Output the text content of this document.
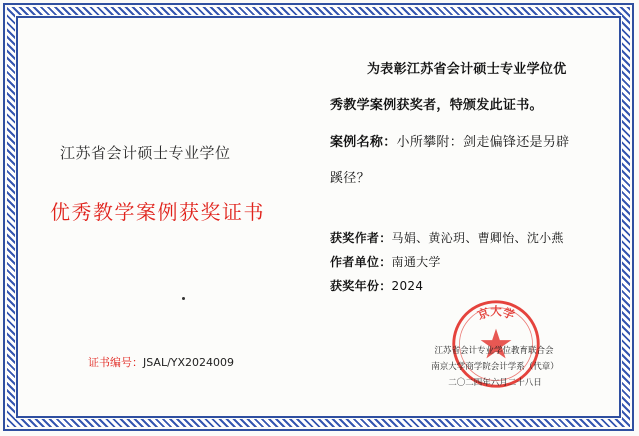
江苏省会计硕士专业学位
优秀教学案例获奖证书
证书编号：JSAL/YX2024009
为表彰江苏省会计硕士专业学位优
秀教学案例获奖者，特颁发此证书。
案例名称：小所攀附：剑走偏锋还是另辟
蹊径？
获奖作者：马娟、黄沁玥、曹卿怡、沈小燕
作者单位：南通大学
获奖年份：2024
京大学
江苏省会计专业学位教育联合会
南京大学商学院会计学系（代章）
二〇二四年六月二十八日
